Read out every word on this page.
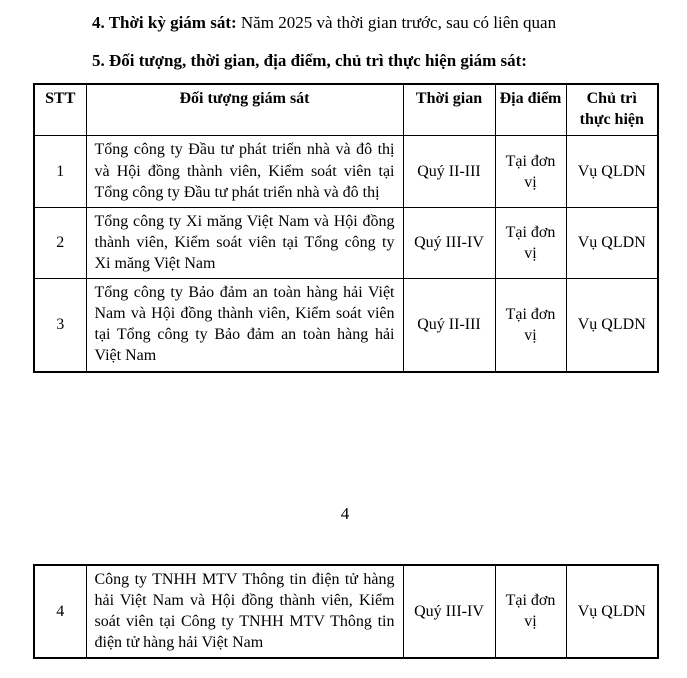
4. Thời kỳ giám sát: Năm 2025 và thời gian trước, sau có liên quan

5. Đối tượng, thời gian, địa điểm, chủ trì thực hiện giám sát:

STT	Đối tượng giám sát	Thời gian	Địa điểm	Chủ trì thực hiện
1	Tổng công ty Đầu tư phát triển nhà và đô thị và Hội đồng thành viên, Kiểm soát viên tại Tổng công ty Đầu tư phát triển nhà và đô thị	Quý II-III	Tại đơn vị	Vụ QLDN
2	Tổng công ty Xi măng Việt Nam và Hội đồng thành viên, Kiểm soát viên tại Tổng công ty Xi măng Việt Nam	Quý III-IV	Tại đơn vị	Vụ QLDN
3	Tổng công ty Bảo đảm an toàn hàng hải Việt Nam và Hội đồng thành viên, Kiểm soát viên tại Tổng công ty Bảo đảm an toàn hàng hải Việt Nam	Quý II-III	Tại đơn vị	Vụ QLDN
4
4	Công ty TNHH MTV Thông tin điện tử hàng hải Việt Nam và Hội đồng thành viên, Kiểm soát viên tại Công ty TNHH MTV Thông tin điện tử hàng hải Việt Nam	Quý III-IV	Tại đơn vị	Vụ QLDN
